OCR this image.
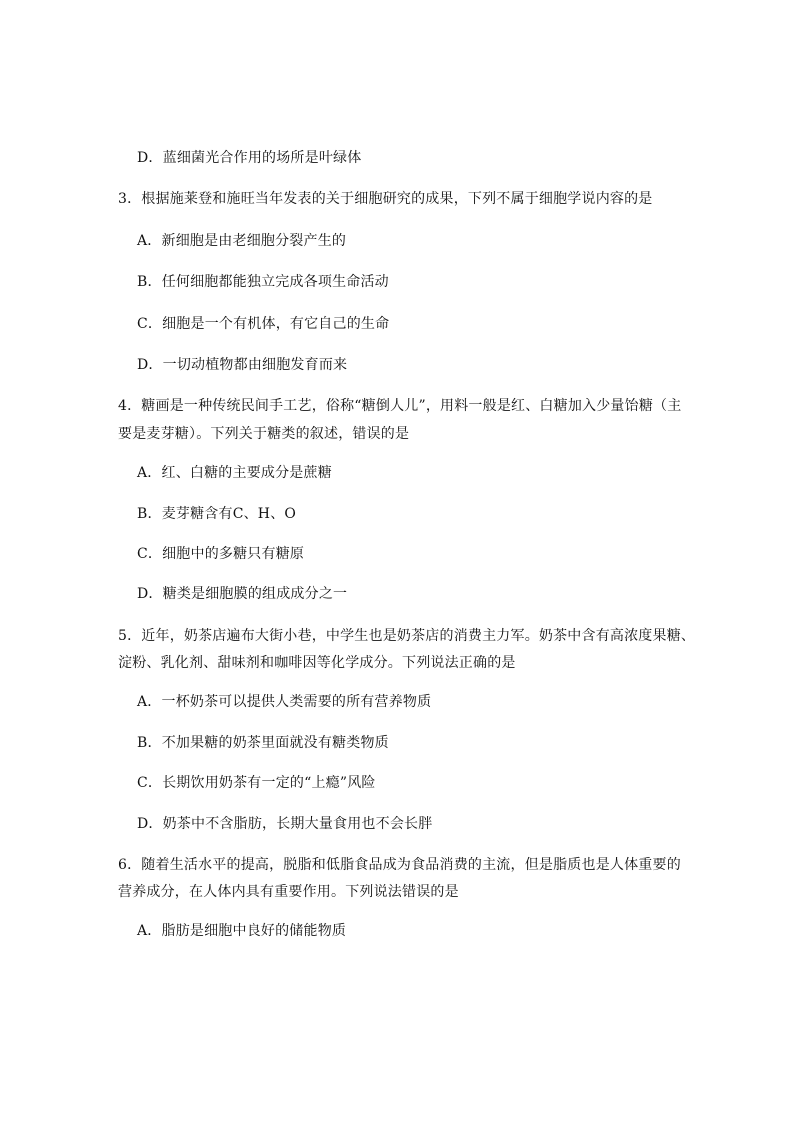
D．蓝细菌光合作用的场所是叶绿体
3．根据施莱登和施旺当年发表的关于细胞研究的成果，下列不属于细胞学说内容的是
A．新细胞是由老细胞分裂产生的
B．任何细胞都能独立完成各项生命活动
C．细胞是一个有机体，有它自己的生命
D．一切动植物都由细胞发育而来
4．糖画是一种传统民间手工艺，俗称“糖倒人儿”，用料一般是红、白糖加入少量饴糖（主
要是麦芽糖）。下列关于糖类的叙述，错误的是
A．红、白糖的主要成分是蔗糖
B．麦芽糖含有C、H、O
C．细胞中的多糖只有糖原
D．糖类是细胞膜的组成成分之一
5．近年，奶茶店遍布大街小巷，中学生也是奶茶店的消费主力军。奶茶中含有高浓度果糖、
淀粉、乳化剂、甜味剂和咖啡因等化学成分。下列说法正确的是
A．一杯奶茶可以提供人类需要的所有营养物质
B．不加果糖的奶茶里面就没有糖类物质
C．长期饮用奶茶有一定的“上瘾”风险
D．奶茶中不含脂肪，长期大量食用也不会长胖
6．随着生活水平的提高，脱脂和低脂食品成为食品消费的主流，但是脂质也是人体重要的
营养成分，在人体内具有重要作用。下列说法错误的是
A．脂肪是细胞中良好的储能物质
